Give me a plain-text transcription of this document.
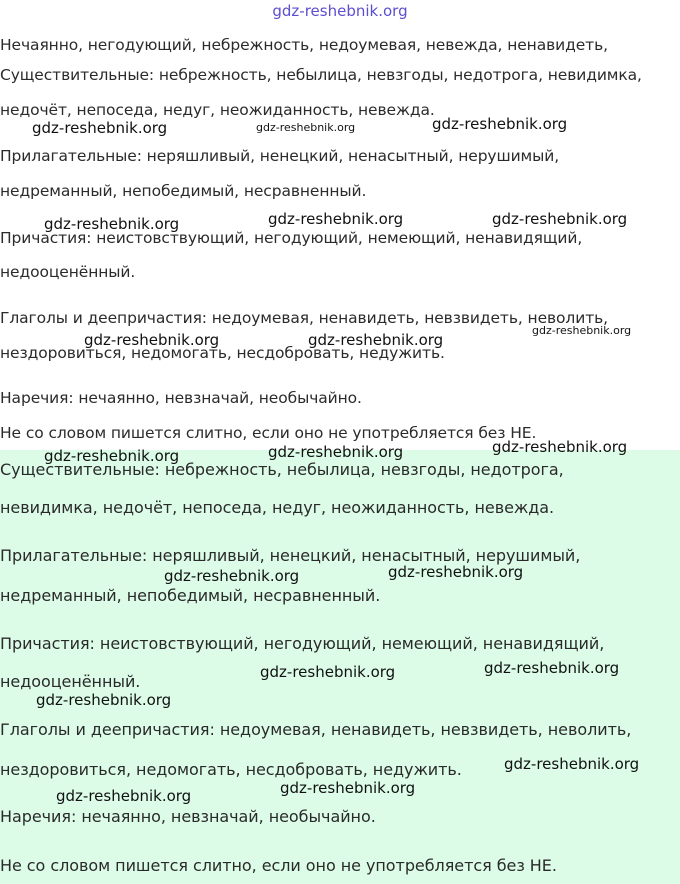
gdz-reshebnik.org
Нечаянно, негодующий, небрежность, недоумевая, невежда, ненавидеть,
Существительные: небрежность, небылица, невзгоды, недотрога, невидимка,
недочёт, непоседа, недуг, неожиданность, невежда.
Прилагательные: неряшливый, ненецкий, ненасытный, нерушимый,
недреманный, непобедимый, несравненный.
Причастия: неистовствующий, негодующий, немеющий, ненавидящий,
недооценённый.
Глаголы и деепричастия: недоумевая, ненавидеть, невзвидеть, неволить,
нездоровиться, недомогать, несдобровать, недужить.
Наречия: нечаянно, невзначай, необычайно.
Не со словом пишется слитно, если оно не употребляется без НЕ.
Существительные: небрежность, небылица, невзгоды, недотрога,
невидимка, недочёт, непоседа, недуг, неожиданность, невежда.
Прилагательные: неряшливый, ненецкий, ненасытный, нерушимый,
недреманный, непобедимый, несравненный.
Причастия: неистовствующий, негодующий, немеющий, ненавидящий,
недооценённый.
Глаголы и деепричастия: недоумевая, ненавидеть, невзвидеть, неволить,
нездоровиться, недомогать, несдобровать, недужить.
Наречия: нечаянно, невзначай, необычайно.
Не со словом пишется слитно, если оно не употребляется без НЕ.
gdz-reshebnik.org	gdz-reshebnik.org	gdz-reshebnik.org
gdz-reshebnik.org	gdz-reshebnik.org	gdz-reshebnik.org
gdz-reshebnik.org
gdz-reshebnik.org	gdz-reshebnik.org
gdz-reshebnik.org
gdz-reshebnik.org	gdz-reshebnik.org
gdz-reshebnik.org	gdz-reshebnik.org
gdz-reshebnik.org	gdz-reshebnik.org
gdz-reshebnik.org
gdz-reshebnik.org
gdz-reshebnik.org	gdz-reshebnik.org
